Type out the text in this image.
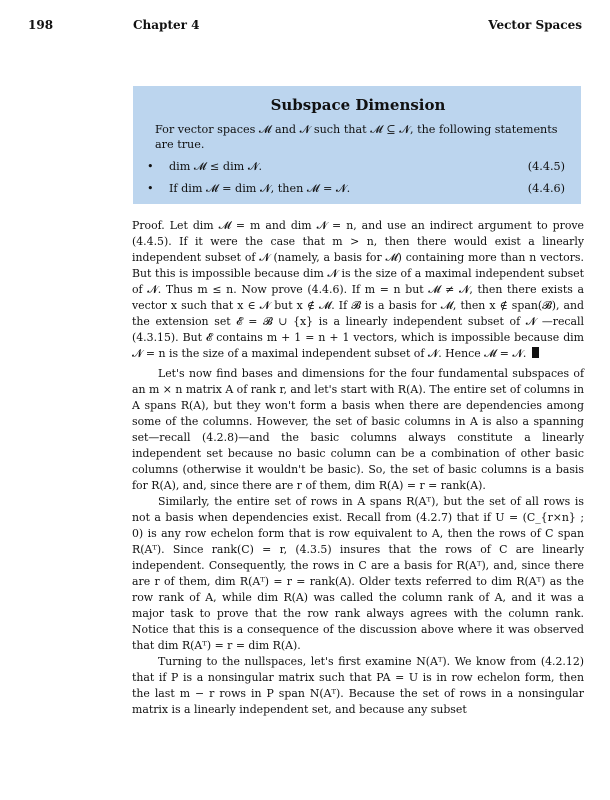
198	Chapter 4	Vector Spaces
Subspace Dimension

For vector spaces 𝓜 and 𝓝 such that 𝓜 ⊆ 𝓝, the following statements are true.

• dim 𝓜 ≤ dim 𝓝.	(4.4.5)
• If dim 𝓜 = dim 𝓝, then 𝓜 = 𝓝.	(4.4.6)

Proof. Let dim 𝓜 = m and dim 𝓝 = n, and use an indirect argument to prove (4.4.5). If it were the case that m > n, then there would exist a linearly independent subset of 𝓝 (namely, a basis for 𝓜) containing more than n vectors. But this is impossible because dim 𝓝 is the size of a maximal independent subset of 𝓝. Thus m ≤ n. Now prove (4.4.6). If m = n but 𝓜 ≠ 𝓝, then there exists a vector x such that x ∈ 𝓝 but x ∉ 𝓜. If 𝓑 is a basis for 𝓜, then x ∉ span(𝓑), and the extension set 𝓔 = 𝓑 ∪ {x} is a linearly independent subset of 𝓝 —recall (4.3.15). But 𝓔 contains m + 1 = n + 1 vectors, which is impossible because dim 𝓝 = n is the size of a maximal independent subset of 𝓝. Hence 𝓜 = 𝓝.

Let's now find bases and dimensions for the four fundamental subspaces of an m × n matrix A of rank r, and let's start with R(A). The entire set of columns in A spans R(A), but they won't form a basis when there are dependencies among some of the columns. However, the set of basic columns in A is also a spanning set—recall (4.2.8)—and the basic columns always constitute a linearly independent set because no basic column can be a combination of other basic columns (otherwise it wouldn't be basic). So, the set of basic columns is a basis for R(A), and, since there are r of them, dim R(A) = r = rank(A).

Similarly, the entire set of rows in A spans R(Aᵀ), but the set of all rows is not a basis when dependencies exist. Recall from (4.2.7) that if U = (C_{r×n} ; 0) is any row echelon form that is row equivalent to A, then the rows of C span R(Aᵀ). Since rank(C) = r, (4.3.5) insures that the rows of C are linearly independent. Consequently, the rows in C are a basis for R(Aᵀ), and, since there are r of them, dim R(Aᵀ) = r = rank(A). Older texts referred to dim R(Aᵀ) as the row rank of A, while dim R(A) was called the column rank of A, and it was a major task to prove that the row rank always agrees with the column rank. Notice that this is a consequence of the discussion above where it was observed that dim R(Aᵀ) = r = dim R(A).

Turning to the nullspaces, let's first examine N(Aᵀ). We know from (4.2.12) that if P is a nonsingular matrix such that PA = U is in row echelon form, then the last m − r rows in P span N(Aᵀ). Because the set of rows in a nonsingular matrix is a linearly independent set, and because any subset
